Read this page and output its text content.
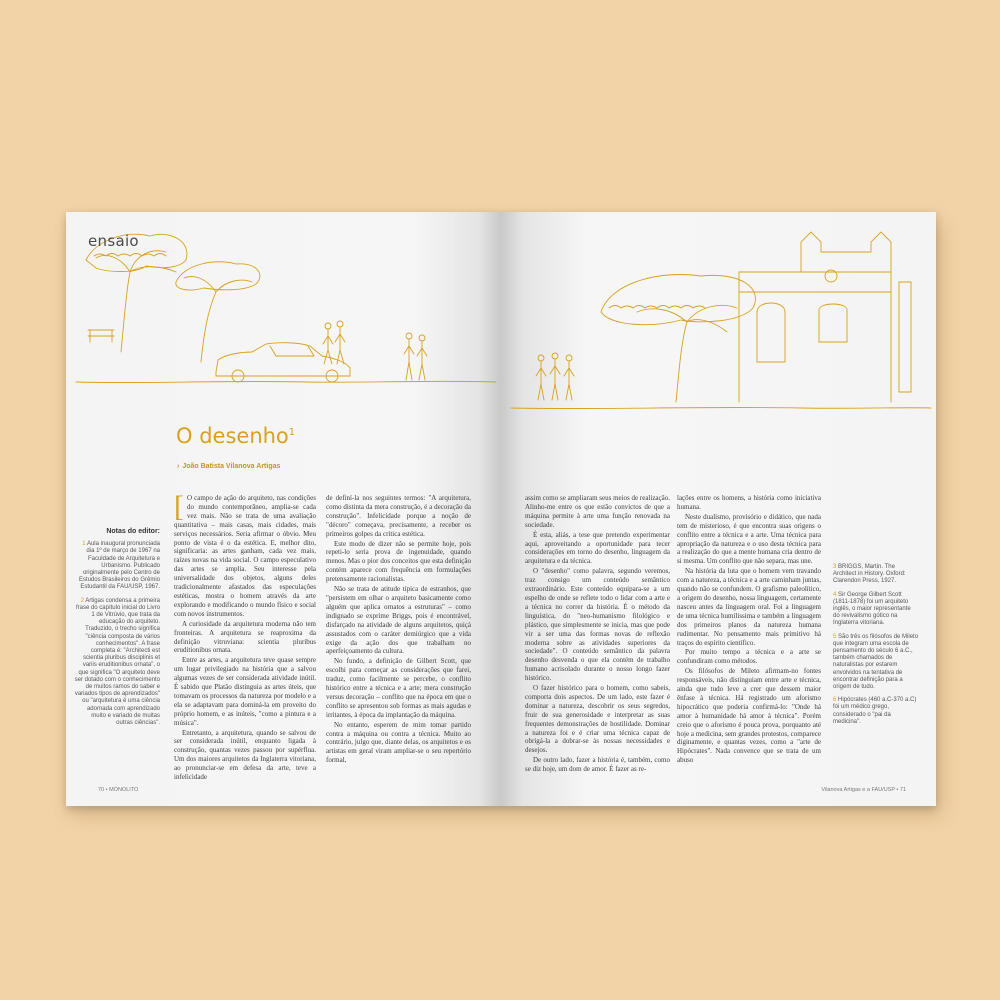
ensaio
O desenho$^1$
› João Batista Vilanova Artigas
Notas do editor:
1 Aula inaugural pronunciada dia 1º de março de 1967 na Faculdade de Arquitetura e Urbanismo. Publicado originalmente pelo Centro de Estudos Brasileiros do Grêmio Estudantil da FAU/USP, 1967.
2 Artigas condensa a primeira frase do capítulo inicial do Livro 1 de Vitrúvio, que trata da educação do arquiteto. Traduzido, o trecho significa "ciência composta de vários conhecimentos". A frase completa é: "Architecti est scientia pluribus disciplinis et variis eruditionibus ornata", o que significa "O arquiteto deve ser dotado com o conhecimento de muitos ramos do saber e variados tipos de aprendizados" ou "arquitetura é uma ciência adornada com aprendizado muito e variado de muitas outras ciências".

[ O campo de ação do arquiteto, nas condições do mundo contemporâneo, amplia-se cada vez mais. Não se trata de uma avaliação quantitativa – mais casas, mais cidades, mais serviços necessários. Seria afirmar o óbvio. Meu ponto de vista é o da estética. E, melhor dito, significaria: as artes ganham, cada vez mais, raízes novas na vida social. O campo especulativo das artes se amplia. Seu interesse pela universalidade dos objetos, alguns deles tradicionalmente afastados das especulações estéticas, mostra o homem através da arte explorando e modificando o mundo físico e social com novos instrumentos.

A curiosidade da arquitetura moderna não tem fronteiras. A arquitetura se reaproxima da definição vitruviana: scientia pluribus eruditionibus ornata.

Entre as artes, a arquitetura teve quase sempre um lugar privilegiado na história que a salvou algumas vezes de ser considerada atividade inútil. É sabido que Platão distinguia as artes úteis, que tomavam os processos da natureza por modelo e a ela se adaptavam para dominá-la em proveito do próprio homem, e as inúteis, "como a pintura e a música".

Entretanto, a arquitetura, quando se salvou de ser considerada inútil, enquanto ligada à construção, quantas vezes passou por supérflua. Um dos maiores arquitetos da Inglaterra vitoriana, ao pronunciar-se em defesa da arte, teve a infelicidade

de definí-la nos seguintes termos: "A arquitetura, como distinta da mera construção, é a decoração da construção". Infelicidade porque a noção de "décoro" começava, precisamente, a receber os primeiros golpes da crítica estética.

Este modo de dizer não se permite hoje, pois repeti-lo seria prova de ingenuidade, quando menos. Mas o pior dos conceitos que esta definição contém aparece com frequência em formulações pretensamente racionalistas.

Não se trata de atitude típica de estranhos, que "persistem em olhar o arquiteto basicamente como alguém que aplica ornatos a estruturas" – como indignado se exprime Briggs, pois é encontrável, disfarçado na atividade de alguns arquitetos, quiçá assustados com o caráter demiúrgico que a vida exige da ação dos que trabalham no aperfeiçoamento da cultura.

No fundo, a definição de Gilbert Scott, que escolhi para começar as considerações que farei, traduz, como facilmente se percebe, o conflito histórico entre a técnica e a arte; mera construção versus decoração – conflito que na época em que o conflito se apresentou sob formas as mais agudas e irritantes, à época da implantação da máquina.

No entanto, esperem de mim tomar partido contra a máquina ou contra a técnica. Muito ao contrário, julgo que, diante delas, os arquitetos e os artistas em geral viram ampliar-se o seu repertório formal,

70 • MONOLITO

assim como se ampliaram seus meios de realização. Alinho-me entre os que estão convictos de que a máquina permite à arte uma função renovada na sociedade.

É esta, aliás, a tese que pretendo experimentar aqui, aproveitando a oportunidade para tecer considerações em torno do desenho, linguagem da arquitetura e da técnica.

O "desenho" como palavra, segundo veremos, traz consigo um conteúdo semântico extraordinário. Este conteúdo equipara-se a um espelho de onde se reflete todo o lidar com a arte e a técnica no correr da história. É o método da linguística, do "neo-humanismo filológico e plástico, que simplesmente se inicia, mas que pode vir a ser uma das formas novas de reflexão moderna sobre as atividades superiores da sociedade". O conteúdo semântico da palavra desenho desvenda o que ela contém de trabalho humano acrisolado durante o nosso longo fazer histórico.

O fazer histórico para o homem, como sabeis, comporta dois aspectos. De um lado, este fazer é dominar a natureza, descobrir os seus segredos, fruir de sua generosidade e interpretar as suas frequentes demonstrações de hostilidade. Dominar a natureza foi e é criar uma técnica capaz de obrigá-la a dobrar-se às nossas necessidades e desejos.

De outro lado, fazer a história é, também, como se diz hoje, um dom de amor. É fazer as re-

lações entre os homens, a história como iniciativa humana.

Neste dualismo, provisório e didático, que nada tem de misterioso, é que encontra suas origens o conflito entre a técnica e a arte. Uma técnica para apropriação da natureza e o uso desta técnica para a realização do que a mente humana cria dentro de si mesma. Um conflito que não separa, mas une.

Na história da luta que o homem vem travando com a natureza, a técnica e a arte caminham juntas, quando não se confundem. O grafismo paleolítico, a origem do desenho, nossa linguagem, certamente nasceu antes da linguagem oral. Foi a linguagem de uma técnica humílissima e também a linguagem dos primeiros planos da natureza humana rudimentar. No pensamento mais primitivo há traços do espírito científico.

Por muito tempo a técnica e a arte se confundiram como métodos.

Os filósofos de Mileto afirmam-no fontes responsáveis, não distinguiam entre arte e técnica, ainda que tudo leve a crer que dessem maior ênfase à técnica. Há registrado um aforismo hipocrático que poderia confirmá-lo: "Onde há amor à humanidade há amor à técnica". Porém creio que o aforismo é pouca prova, porquanto até hoje a medicina, sem grandes protestos, comparece diginamente, e quantas vezes, como a "arte de Hipócrates". Nada convence que se trata de um abuso

3 BRIGGS, Martin. The Architect in History. Oxford: Clarendon Press, 1927.
4 Sir George Gilbert Scott (1811-1878) foi um arquiteto inglês, o maior representante do revivalismo gótico na Inglaterra vitoriana.
5 São três os filósofos de Mileto que integram uma escola de pensamento do século 6 a.C., também chamados de naturalistas por estarem envolvidos na tentativa de encontrar definição para a origem de tudo.
6 Hipócrates (460 a.C-370 a.C) foi um médico grego, considerado o "pai da medicina".
Vilanova Artigas e a FAU/USP • 71
